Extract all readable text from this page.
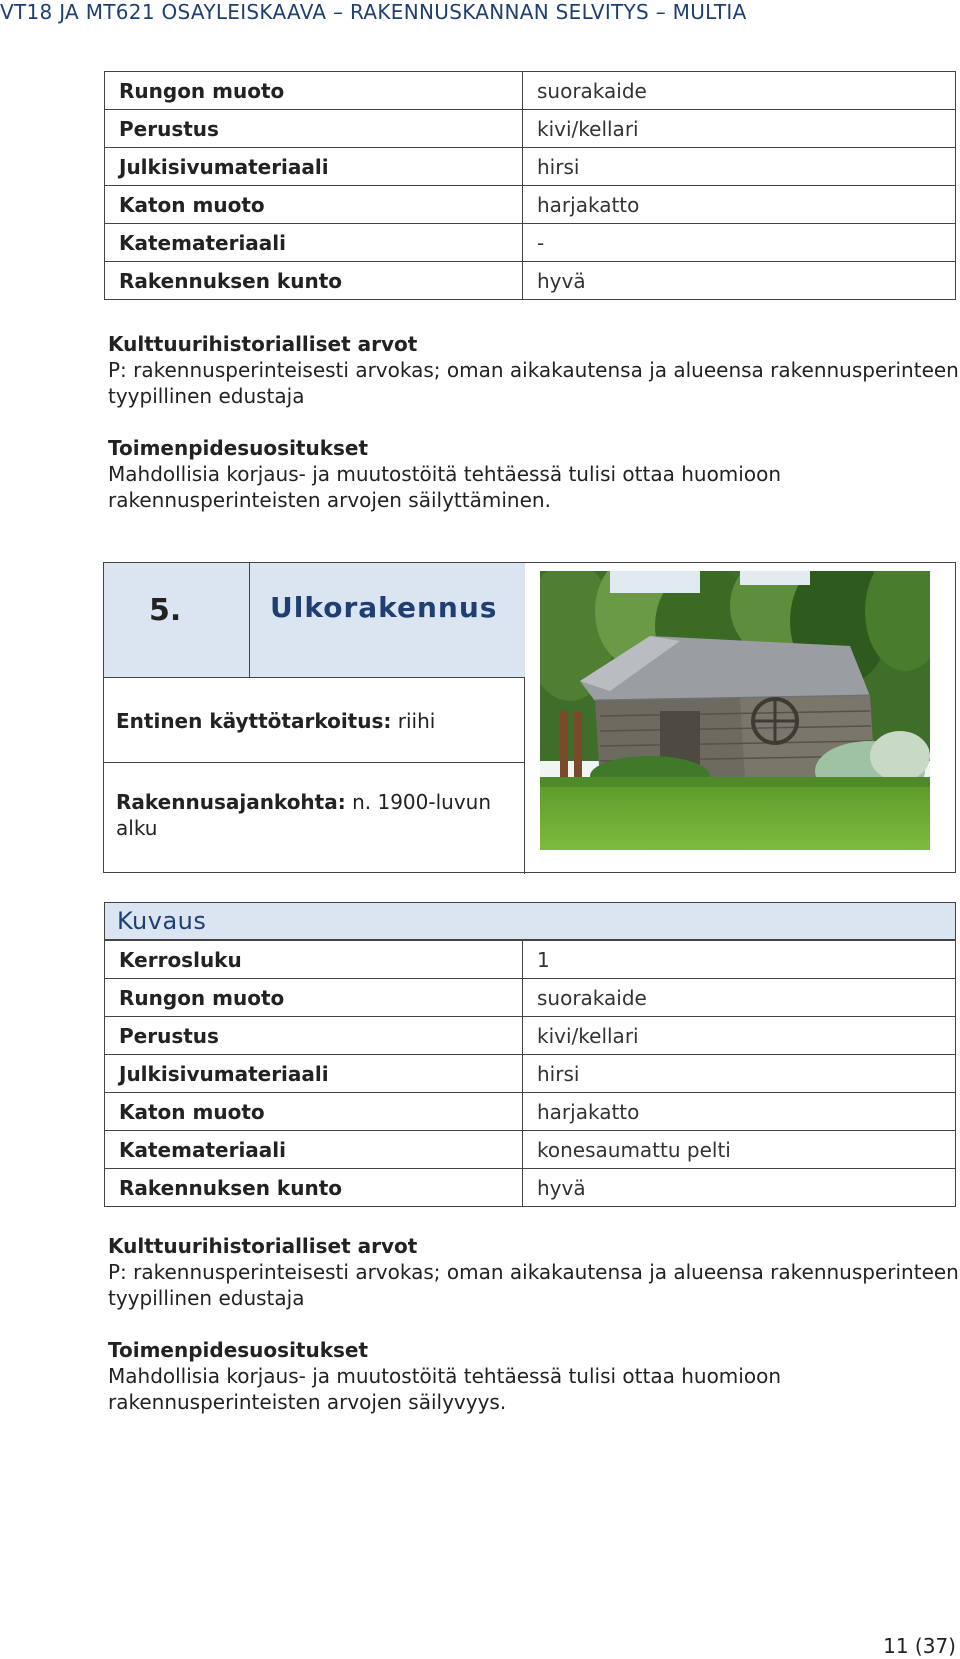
VT18 JA MT621 OSAYLEISKAAVA – RAKENNUSKANNAN SELVITYS – MULTIA
Rungon muoto	suorakaide
Perustus	kivi/kellari
Julkisivumateriaali	hirsi
Katon muoto	harjakatto
Katemateriaali	-
Rakennuksen kunto	hyvä
Kulttuurihistorialliset arvot
P: rakennusperinteisesti arvokas; oman aikakautensa ja alueensa rakennusperinteen
tyypillinen edustaja
Toimenpidesuositukset
Mahdollisia korjaus- ja muutostöitä tehtäessä tulisi ottaa huomioon
rakennusperinteisten arvojen säilyttäminen.
5.	Ulkorakennus
Entinen käyttötarkoitus: riihi
Rakennusajankohta: n. 1900-luvun
alku
Kuvaus
Kerrosluku	1
Rungon muoto	suorakaide
Perustus	kivi/kellari
Julkisivumateriaali	hirsi
Katon muoto	harjakatto
Katemateriaali	konesaumattu pelti
Rakennuksen kunto	hyvä
Kulttuurihistorialliset arvot
P: rakennusperinteisesti arvokas; oman aikakautensa ja alueensa rakennusperinteen
tyypillinen edustaja
Toimenpidesuositukset
Mahdollisia korjaus- ja muutostöitä tehtäessä tulisi ottaa huomioon
rakennusperinteisten arvojen säilyvyys.
11 (37)
